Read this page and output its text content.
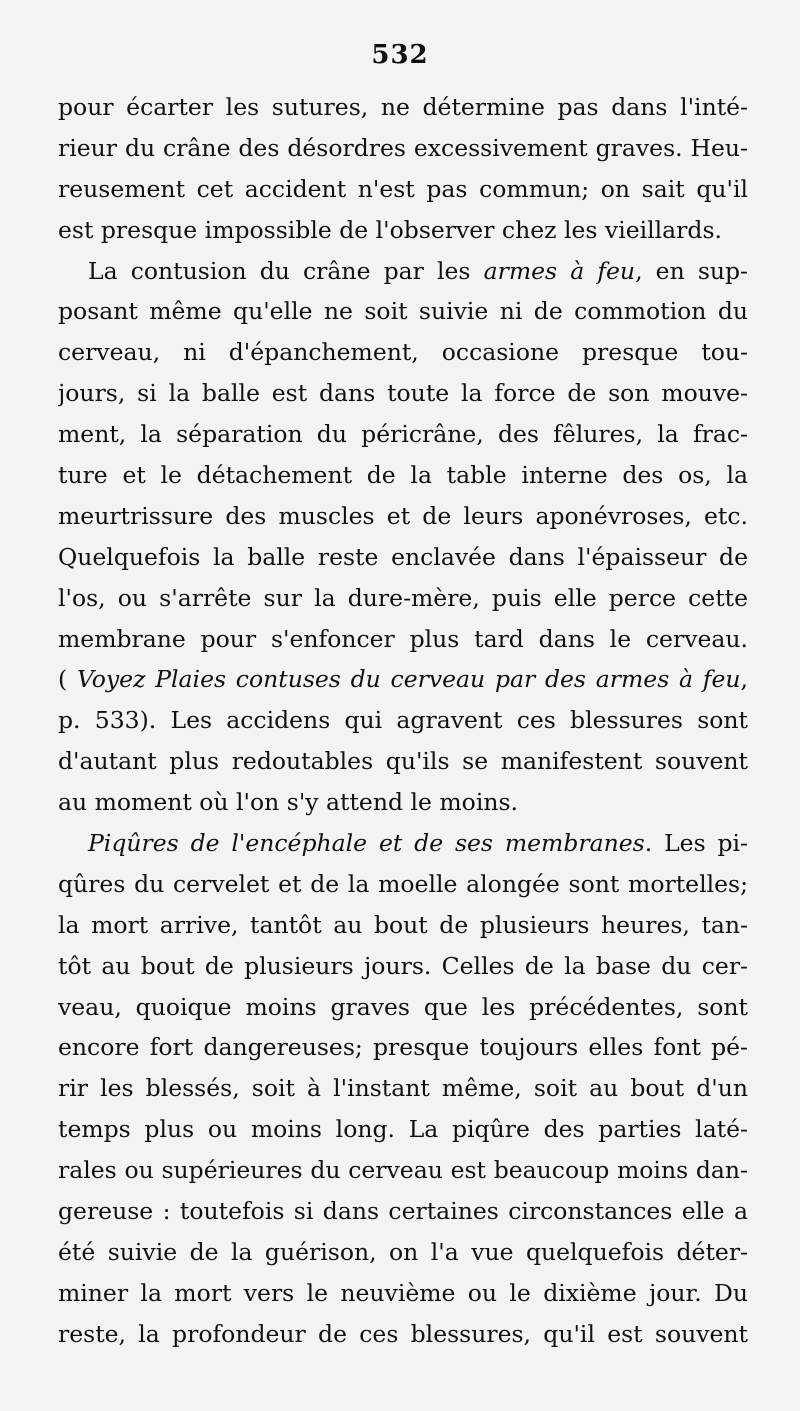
532
pour écarter les sutures, ne détermine pas dans l'inté-
rieur du crâne des désordres excessivement graves. Heu-
reusement cet accident n'est pas commun; on sait qu'il
est presque impossible de l'observer chez les vieillards.
La contusion du crâne par les armes à feu, en sup-
posant même qu'elle ne soit suivie ni de commotion du
cerveau, ni d'épanchement, occasione presque tou-
jours, si la balle est dans toute la force de son mouve-
ment, la séparation du péricrâne, des fêlures, la frac-
ture et le détachement de la table interne des os, la
meurtrissure des muscles et de leurs aponévroses, etc.
Quelquefois la balle reste enclavée dans l'épaisseur de
l'os, ou s'arrête sur la dure-mère, puis elle perce cette
membrane pour s'enfoncer plus tard dans le cerveau.
( Voyez Plaies contuses du cerveau par des armes à feu,
p. 533). Les accidens qui agravent ces blessures sont
d'autant plus redoutables qu'ils se manifestent souvent
au moment où l'on s'y attend le moins.
Piqûres de l'encéphale et de ses membranes. Les pi-
qûres du cervelet et de la moelle alongée sont mortelles;
la mort arrive, tantôt au bout de plusieurs heures, tan-
tôt au bout de plusieurs jours. Celles de la base du cer-
veau, quoique moins graves que les précédentes, sont
encore fort dangereuses; presque toujours elles font pé-
rir les blessés, soit à l'instant même, soit au bout d'un
temps plus ou moins long. La piqûre des parties laté-
rales ou supérieures du cerveau est beaucoup moins dan-
gereuse : toutefois si dans certaines circonstances elle a
été suivie de la guérison, on l'a vue quelquefois déter-
miner la mort vers le neuvième ou le dixième jour. Du
reste, la profondeur de ces blessures, qu'il est souvent
